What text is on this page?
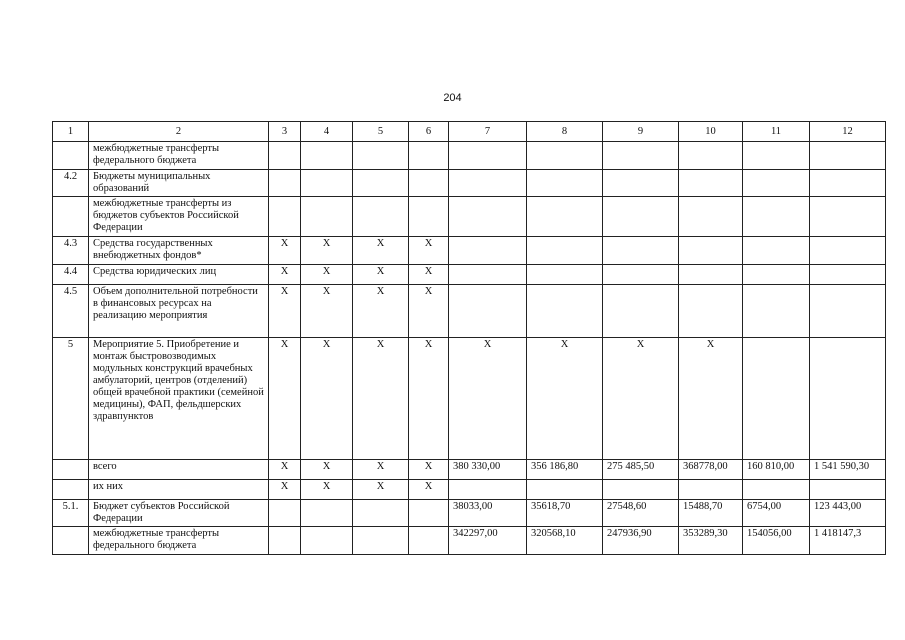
204
1	2	3	4	5	6	7	8	9	10	11	12
	межбюджетные трансферты федерального бюджета										
4.2	Бюджеты муниципальных образований										
	межбюджетные трансферты из бюджетов субъектов Российской Федерации										
4.3	Средства государственных внебюджетных фондов*	Х	Х	Х	Х						
4.4	Средства юридических лиц	Х	Х	Х	Х						
4.5	Объем дополнительной потребности в финансовых ресурсах на реализацию мероприятия	Х	Х	Х	Х						
5	Мероприятие 5. Приобретение и монтаж быстровозводимых модульных конструкций врачебных амбулаторий, центров (отделений) общей врачебной практики (семейной медицины), ФАП, фельдшерских здравпунктов	Х	Х	Х	Х	Х	Х	Х	Х		
	всего	Х	Х	Х	Х	380 330,00	356 186,80	275 485,50	368778,00	160 810,00	1 541 590,30
	их них	Х	Х	Х	Х						
5.1.	Бюджет субъектов Российской Федерации					38033,00	35618,70	27548,60	15488,70	6754,00	123 443,00
	межбюджетные трансферты федерального бюджета					342297,00	320568,10	247936,90	353289,30	154056,00	1 418147,3
